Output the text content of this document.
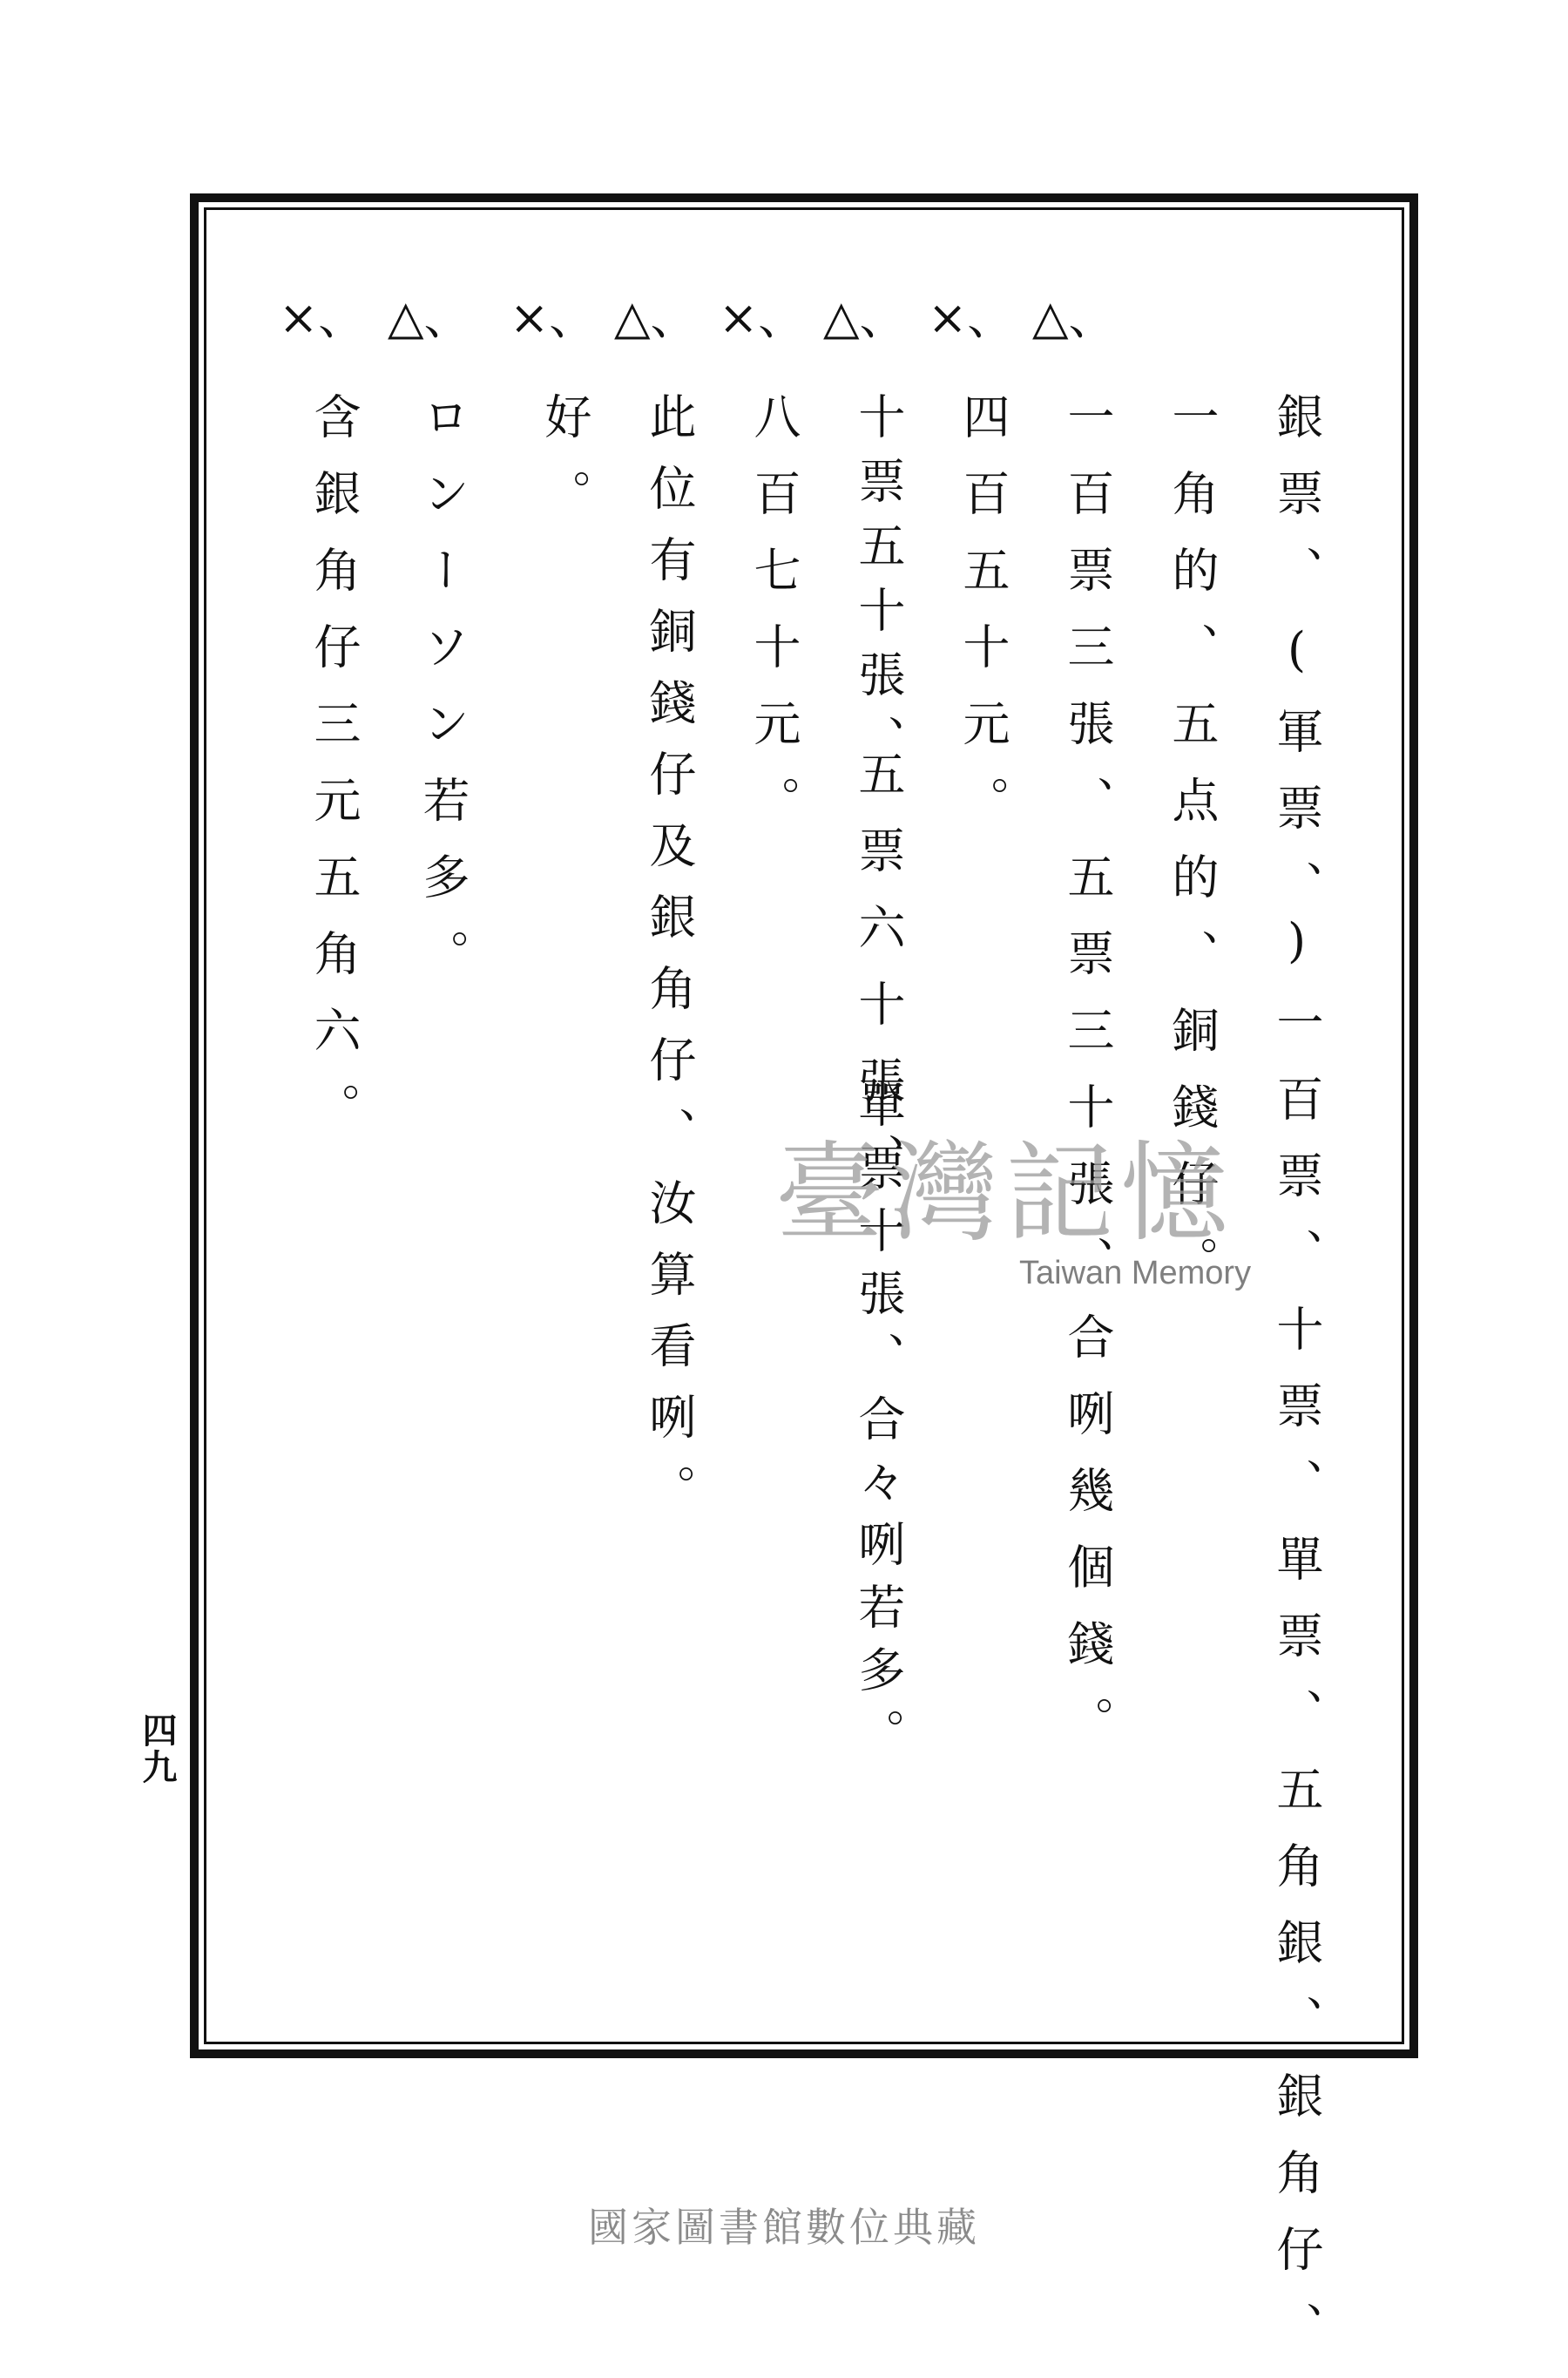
銀票、(軍票、)一百票、十票、單票、五角銀、銀角仔、
一角的、五点的、銅錢仔。
△、
一百票三張、五票三十張、合咧幾個錢。
×、
四百五十元。
△、
十票五十張、
五票六十張、
單票十張、合々咧若多。
×、
八百七十元。
△、
此位有銅錢仔及銀角仔、汝算看咧。
×、
好。
△、
ロンーソン若多。
×、
含銀角仔三元五角六。
四九
臺灣記憶
Taiwan Memory
國家圖書館數位典藏
